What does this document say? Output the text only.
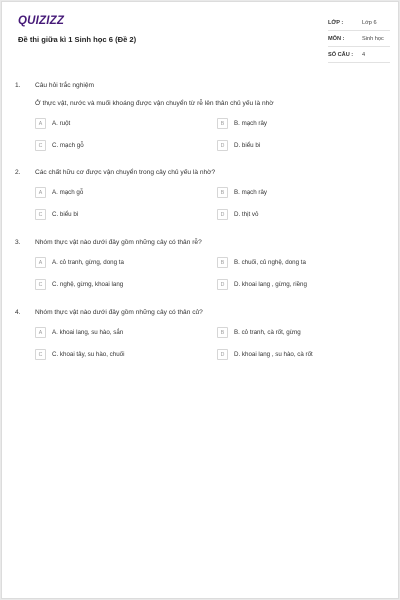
QUIZIZZ
Đề thi giữa kì 1 Sinh học 6 (Đề 2)
LỚP :	Lớp 6
MÔN :	Sinh học
SỐ CÂU : 4
1. Câu hỏi trắc nghiệm
Ở thực vật, nước và muối khoáng được vận chuyển từ rễ lên thân chủ yếu là nhờ
A	A. ruột	B	B. mạch rây
C	C. mạch gỗ	D	D. biểu bì
2. Các chất hữu cơ được vận chuyển trong cây chủ yếu là nhờ?
A	A. mạch gỗ	B	B. mạch rây
C	C. biểu bì	D	D. thịt vỏ
3. Nhóm thực vật nào dưới đây gồm những cây có thân rễ?
A	A. cỏ tranh, gừng, dong ta	B	B. chuối, củ nghệ, dong ta
C	C. nghệ, gừng, khoai lang	D	D. khoai lang , gừng, riềng
4. Nhóm thực vật nào dưới đây gồm những cây có thân củ?
A	A. khoai lang, su hào, sắn	B	B. cỏ tranh, cà rốt, gừng
C	C. khoai tây, su hào, chuối	D	D. khoai lang , su hào, cà rốt
